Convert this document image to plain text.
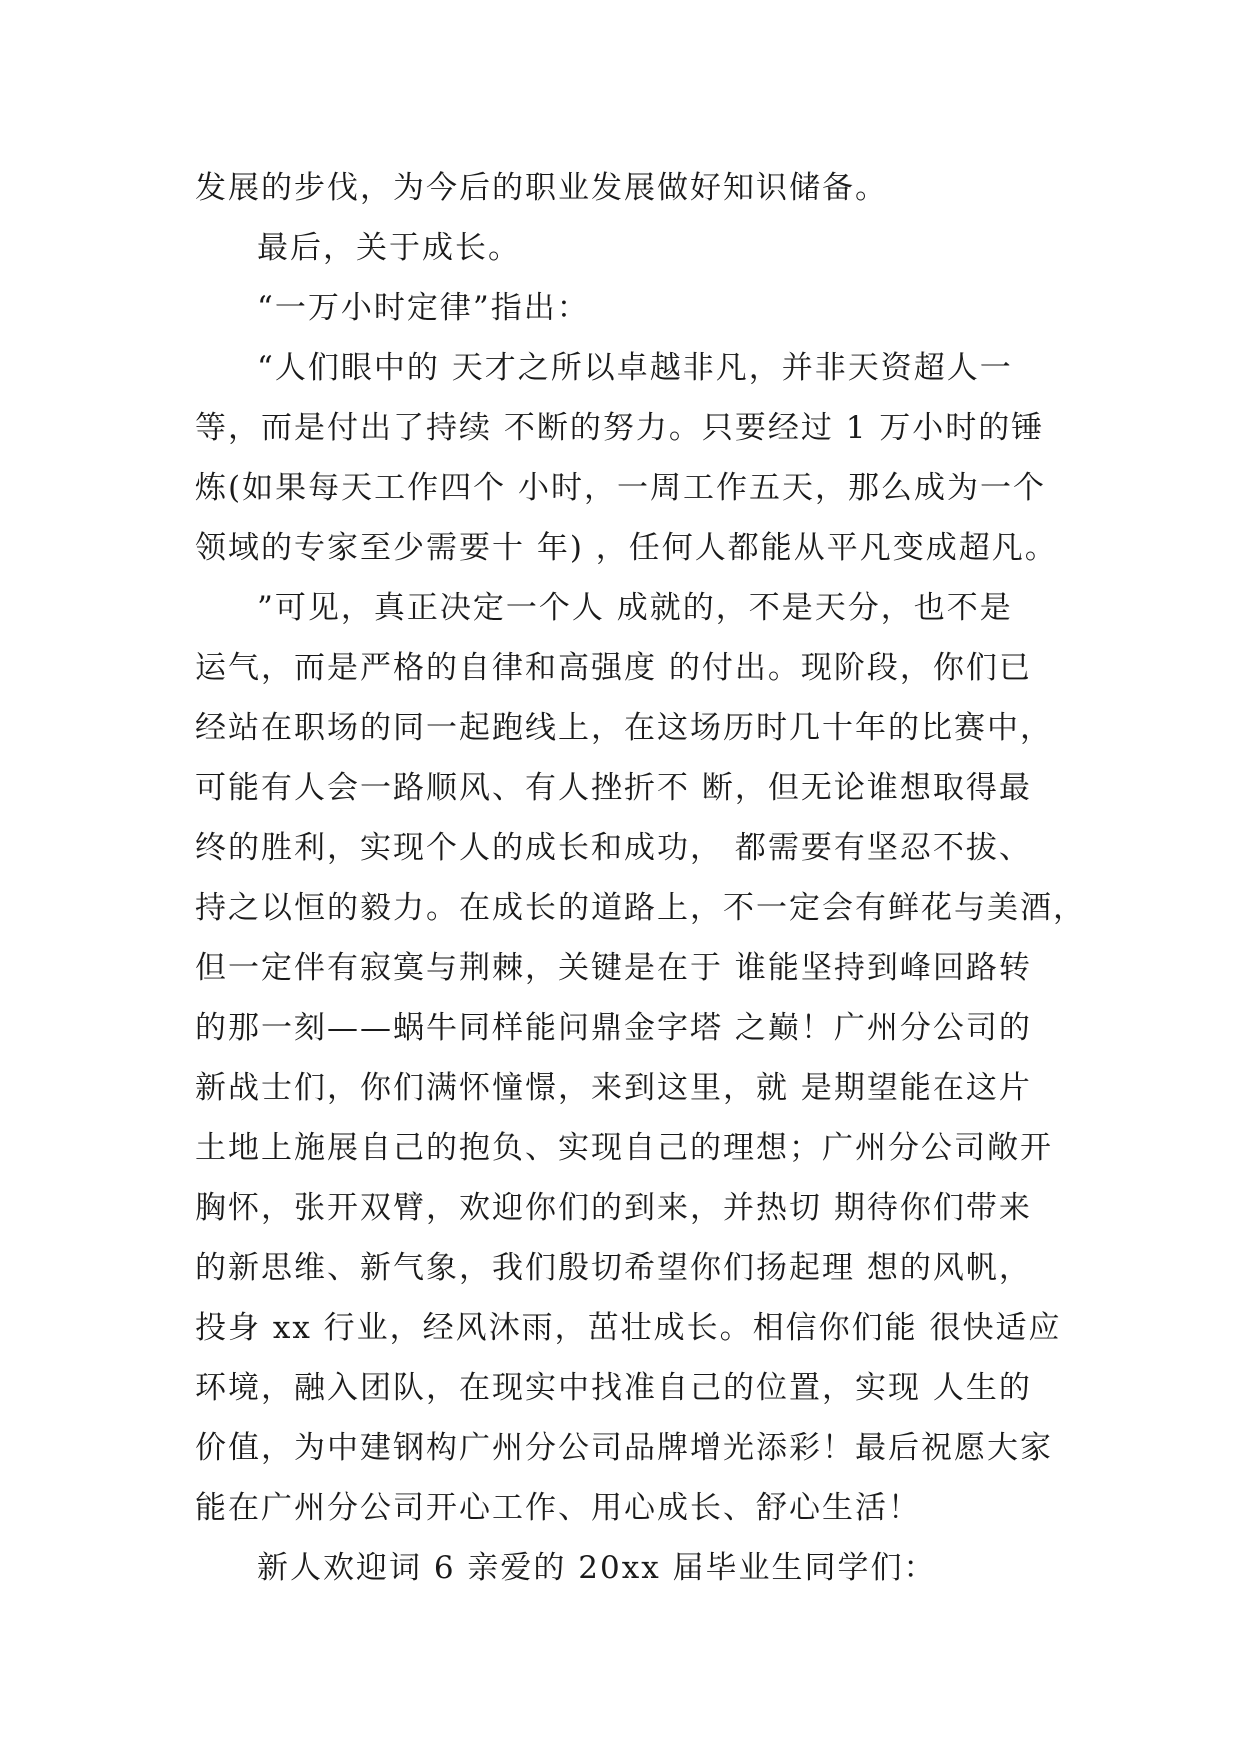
发展的步伐，为今后的职业发展做好知识储备。
最后，关于成长。
“一万小时定律”指出：
“人们眼中的 天才之所以卓越非凡，并非天资超人一
等，而是付出了持续 不断的努力。只要经过 1 万小时的锤
炼(如果每天工作四个 小时，一周工作五天，那么成为一个
领域的专家至少需要十 年) ，任何人都能从平凡变成超凡。
”可见，真正决定一个人 成就的，不是天分，也不是
运气，而是严格的自律和高强度 的付出。现阶段，你们已
经站在职场的同一起跑线上，在这场历时几十年的比赛中，
可能有人会一路顺风、有人挫折不 断，但无论谁想取得最
终的胜利，实现个人的成长和成功， 都需要有坚忍不拔、
持之以恒的毅力。在成长的道路上，不一定会有鲜花与美酒，
但一定伴有寂寞与荆棘，关键是在于 谁能坚持到峰回路转
的那一刻——蜗牛同样能问鼎金字塔 之巅！广州分公司的
新战士们，你们满怀憧憬，来到这里，就 是期望能在这片
土地上施展自己的抱负、实现自己的理想；广州分公司敞开
胸怀，张开双臂，欢迎你们的到来，并热切 期待你们带来
的新思维、新气象，我们殷切希望你们扬起理 想的风帆，
投身 xx 行业，经风沐雨，茁壮成长。相信你们能 很快适应
环境，融入团队，在现实中找准自己的位置，实现 人生的
价值，为中建钢构广州分公司品牌增光添彩！最后祝愿大家
能在广州分公司开心工作、用心成长、舒心生活！
新人欢迎词 6 亲爱的 20xx 届毕业生同学们：
